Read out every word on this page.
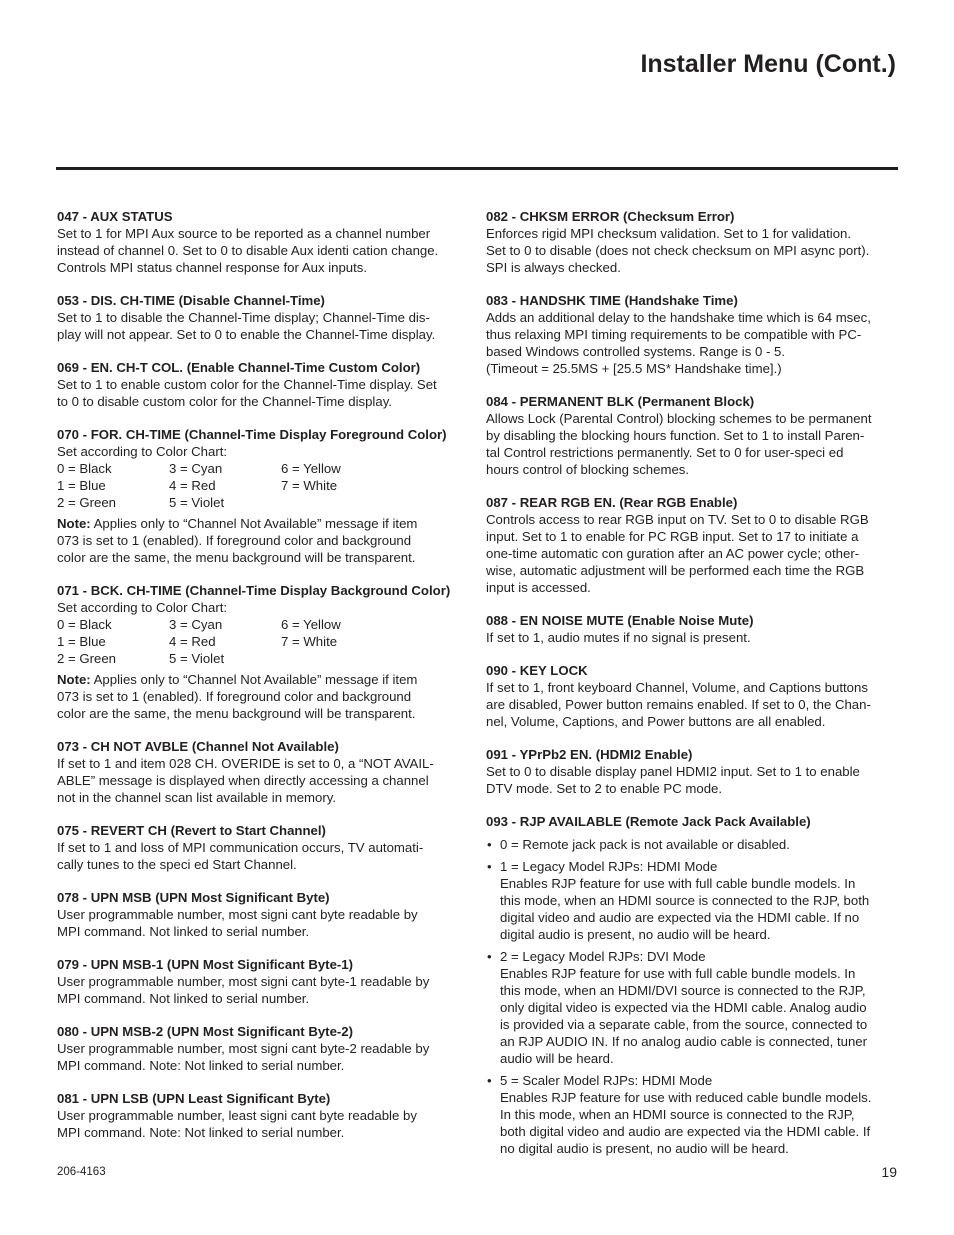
Installer Menu (Cont.)

047 - AUX STATUS

Set to 1 for MPI Aux source to be reported as a channel number

instead of channel 0. Set to 0 to disable Aux identi cation change.

Controls MPI status channel response for Aux inputs.

053 - DIS. CH-TIME (Disable Channel-Time)

Set to 1 to disable the Channel-Time display; Channel-Time dis-

play will not appear. Set to 0 to enable the Channel-Time display.

069 - EN. CH-T COL. (Enable Channel-Time Custom Color)

Set to 1 to enable custom color for the Channel-Time display. Set

to 0 to disable custom color for the Channel-Time display.

070 - FOR. CH-TIME (Channel-Time Display Foreground Color)

Set according to Color Chart:

0 = Black	3 = Cyan	6 = Yellow
1 = Blue	4 = Red	7 = White
2 = Green	5 = Violet

Note: Applies only to “Channel Not Available” message if item

073 is set to 1 (enabled). If foreground color and background

color are the same, the menu background will be transparent.

071 - BCK. CH-TIME (Channel-Time Display Background Color)

Set according to Color Chart:

0 = Black	3 = Cyan	6 = Yellow
1 = Blue	4 = Red	7 = White
2 = Green	5 = Violet

Note: Applies only to “Channel Not Available” message if item

073 is set to 1 (enabled). If foreground color and background

color are the same, the menu background will be transparent.

073 - CH NOT AVBLE (Channel Not Available)

If set to 1 and item 028 CH. OVERIDE is set to 0, a “NOT AVAIL-

ABLE” message is displayed when directly accessing a channel

not in the channel scan list available in memory.

075 - REVERT CH (Revert to Start Channel)

If set to 1 and loss of MPI communication occurs, TV automati-

cally tunes to the speci ed Start Channel.

078 - UPN MSB (UPN Most Significant Byte)

User programmable number, most signi cant byte readable by

MPI command. Not linked to serial number.

079 - UPN MSB-1 (UPN Most Significant Byte-1)

User programmable number, most signi cant byte-1 readable by

MPI command. Not linked to serial number.

080 - UPN MSB-2 (UPN Most Significant Byte-2)

User programmable number, most signi cant byte-2 readable by

MPI command. Note: Not linked to serial number.

081 - UPN LSB (UPN Least Significant Byte)

User programmable number, least signi cant byte readable by

MPI command. Note: Not linked to serial number.

082 - CHKSM ERROR (Checksum Error)

Enforces rigid MPI checksum validation. Set to 1 for validation.

Set to 0 to disable (does not check checksum on MPI async port).

SPI is always checked.

083 - HANDSHK TIME (Handshake Time)

Adds an additional delay to the handshake time which is 64 msec,

thus relaxing MPI timing requirements to be compatible with PC-

based Windows controlled systems. Range is 0 - 5.

(Timeout = 25.5MS + [25.5 MS* Handshake time].)

084 - PERMANENT BLK (Permanent Block)

Allows Lock (Parental Control) blocking schemes to be permanent

by disabling the blocking hours function. Set to 1 to install Paren-

tal Control restrictions permanently. Set to 0 for user-speci ed

hours control of blocking schemes.

087 - REAR RGB EN. (Rear RGB Enable)

Controls access to rear RGB input on TV. Set to 0 to disable RGB

input. Set to 1 to enable for PC RGB input. Set to 17 to initiate a

one-time automatic con guration after an AC power cycle; other-

wise, automatic adjustment will be performed each time the RGB

input is accessed.

088 - EN NOISE MUTE (Enable Noise Mute)

If set to 1, audio mutes if no signal is present.

090 - KEY LOCK

If set to 1, front keyboard Channel, Volume, and Captions buttons

are disabled, Power button remains enabled. If set to 0, the Chan-

nel, Volume, Captions, and Power buttons are all enabled.

091 - YPrPb2 EN. (HDMI2 Enable)

Set to 0 to disable display panel HDMI2 input. Set to 1 to enable

DTV mode. Set to 2 to enable PC mode.

093 - RJP AVAILABLE (Remote Jack Pack Available)

• 0 = Remote jack pack is not available or disabled.

• 1 = Legacy Model RJPs: HDMI Mode

Enables RJP feature for use with full cable bundle models. In

this mode, when an HDMI source is connected to the RJP, both

digital video and audio are expected via the HDMI cable. If no

digital audio is present, no audio will be heard.

• 2 = Legacy Model RJPs: DVI Mode

Enables RJP feature for use with full cable bundle models. In

this mode, when an HDMI/DVI source is connected to the RJP,

only digital video is expected via the HDMI cable. Analog audio

is provided via a separate cable, from the source, connected to

an RJP AUDIO IN. If no analog audio cable is connected, tuner

audio will be heard.

• 5 = Scaler Model RJPs: HDMI Mode

Enables RJP feature for use with reduced cable bundle models.

In this mode, when an HDMI source is connected to the RJP,

both digital video and audio are expected via the HDMI cable. If

no digital audio is present, no audio will be heard.

206-4163	19
